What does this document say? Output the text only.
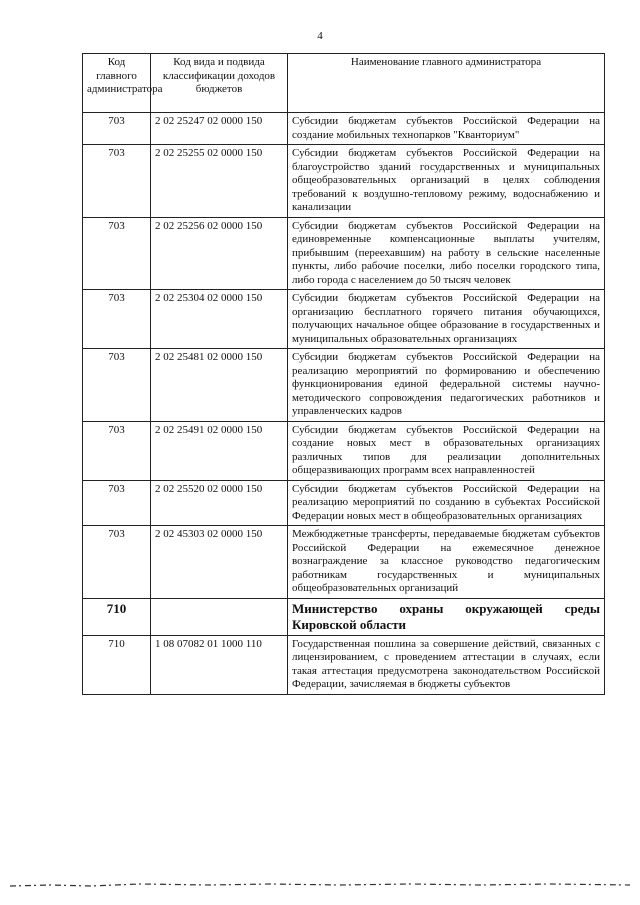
4
Код главного администратора	Код вида и подвида классификации доходов бюджетов	Наименование главного администратора
703	2 02 25247 02 0000 150	Субсидии бюджетам субъектов Российской Федерации на создание мобильных технопарков "Кванториум"
703	2 02 25255 02 0000 150	Субсидии бюджетам субъектов Российской Федерации на благоустройство зданий государственных и муниципальных общеобразовательных организаций в целях соблюдения требований к воздушно-тепловому режиму, водоснабжению и канализации
703	2 02 25256 02 0000 150	Субсидии бюджетам субъектов Российской Федерации на единовременные компенсационные выплаты учителям, прибывшим (переехавшим) на работу в сельские населенные пункты, либо рабочие поселки, либо поселки городского типа, либо города с населением до 50 тысяч человек
703	2 02 25304 02 0000 150	Субсидии бюджетам субъектов Российской Федерации на организацию бесплатного горячего питания обучающихся, получающих начальное общее образование в государственных и муниципальных образовательных организациях
703	2 02 25481 02 0000 150	Субсидии бюджетам субъектов Российской Федерации на реализацию мероприятий по формированию и обеспечению функционирования единой федеральной системы научно-методического сопровождения педагогических работников и управленческих кадров
703	2 02 25491 02 0000 150	Субсидии бюджетам субъектов Российской Федерации на создание новых мест в образовательных организациях различных типов для реализации дополнительных общеразвивающих программ всех направленностей
703	2 02 25520 02 0000 150	Субсидии бюджетам субъектов Российской Федерации на реализацию мероприятий по созданию в субъектах Российской Федерации новых мест в общеобразовательных организациях
703	2 02 45303 02 0000 150	Межбюджетные трансферты, передаваемые бюджетам субъектов Российской Федерации на ежемесячное денежное вознаграждение за классное руководство педагогическим работникам государственных и муниципальных общеобразовательных организаций
710		Министерство охраны окружающей среды Кировской области
710	1 08 07082 01 1000 110	Государственная пошлина за совершение действий, связанных с лицензированием, с проведением аттестации в случаях, если такая аттестация предусмотрена законодательством Российской Федерации, зачисляемая в бюджеты субъектов
